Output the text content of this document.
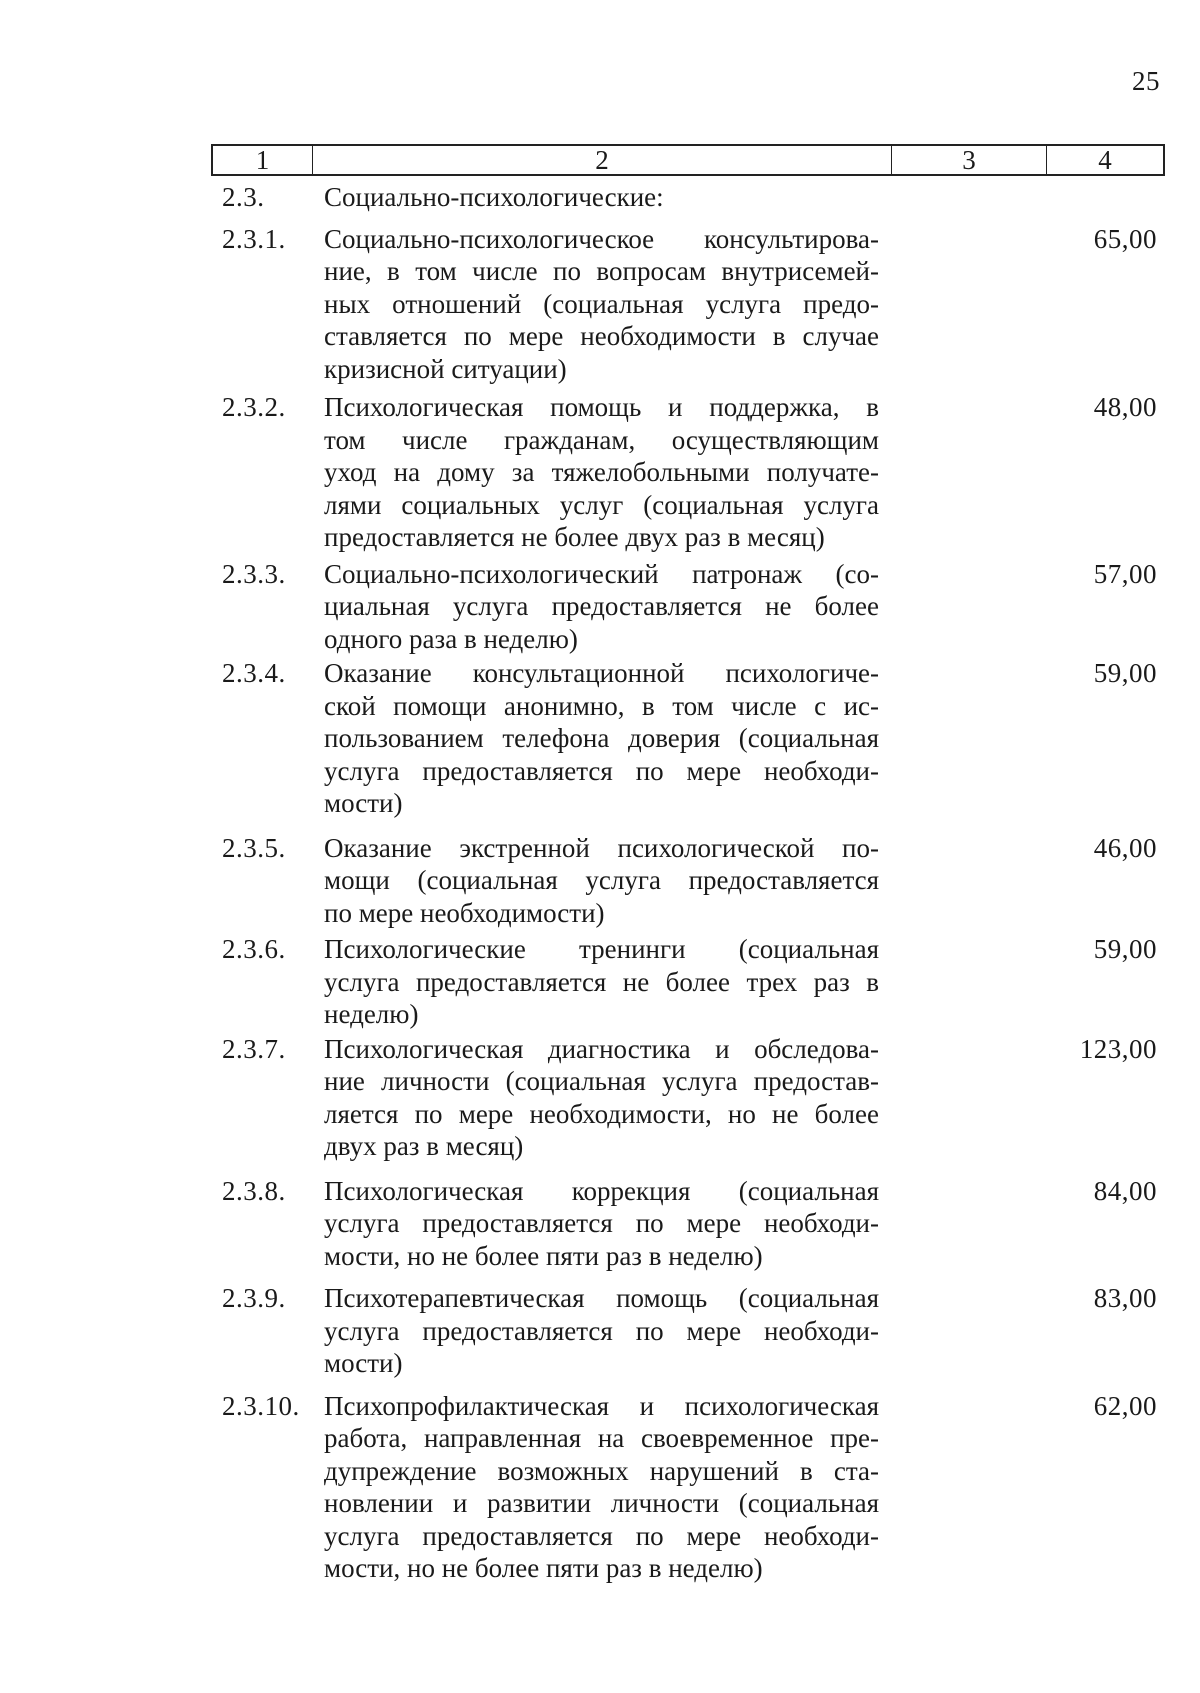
25
1	2	3	4
2.3.	Социально-психологические:
2.3.1.	Социально-психологическое консультирова-
ние, в том числе по вопросам внутрисемей-
ных отношений (социальная услуга предо-
ставляется по мере необходимости в случае
кризисной ситуации)
65,00
2.3.2.	Психологическая помощь и поддержка, в
том числе гражданам, осуществляющим
уход на дому за тяжелобольными получате-
лями социальных услуг (социальная услуга
предоставляется не более двух раз в месяц)
48,00
2.3.3.	Социально-психологический патронаж (со-
циальная услуга предоставляется не более
одного раза в неделю)
57,00
2.3.4.	Оказание консультационной психологиче-
ской помощи анонимно, в том числе с ис-
пользованием телефона доверия (социальная
услуга предоставляется по мере необходи-
мости)
59,00
2.3.5.	Оказание экстренной психологической по-
мощи (социальная услуга предоставляется
по мере необходимости)
46,00
2.3.6.	Психологические тренинги (социальная
услуга предоставляется не более трех раз в
неделю)
59,00
2.3.7.	Психологическая диагностика и обследова-
ние личности (социальная услуга предостав-
ляется по мере необходимости, но не более
двух раз в месяц)
123,00
2.3.8.	Психологическая коррекция (социальная
услуга предоставляется по мере необходи-
мости, но не более пяти раз в неделю)
84,00
2.3.9.	Психотерапевтическая помощь (социальная
услуга предоставляется по мере необходи-
мости)
83,00
2.3.10. Психопрофилактическая и психологическая
работа, направленная на своевременное пре-
дупреждение возможных нарушений в ста-
новлении и развитии личности (социальная
услуга предоставляется по мере необходи-
мости, но не более пяти раз в неделю)
62,00
